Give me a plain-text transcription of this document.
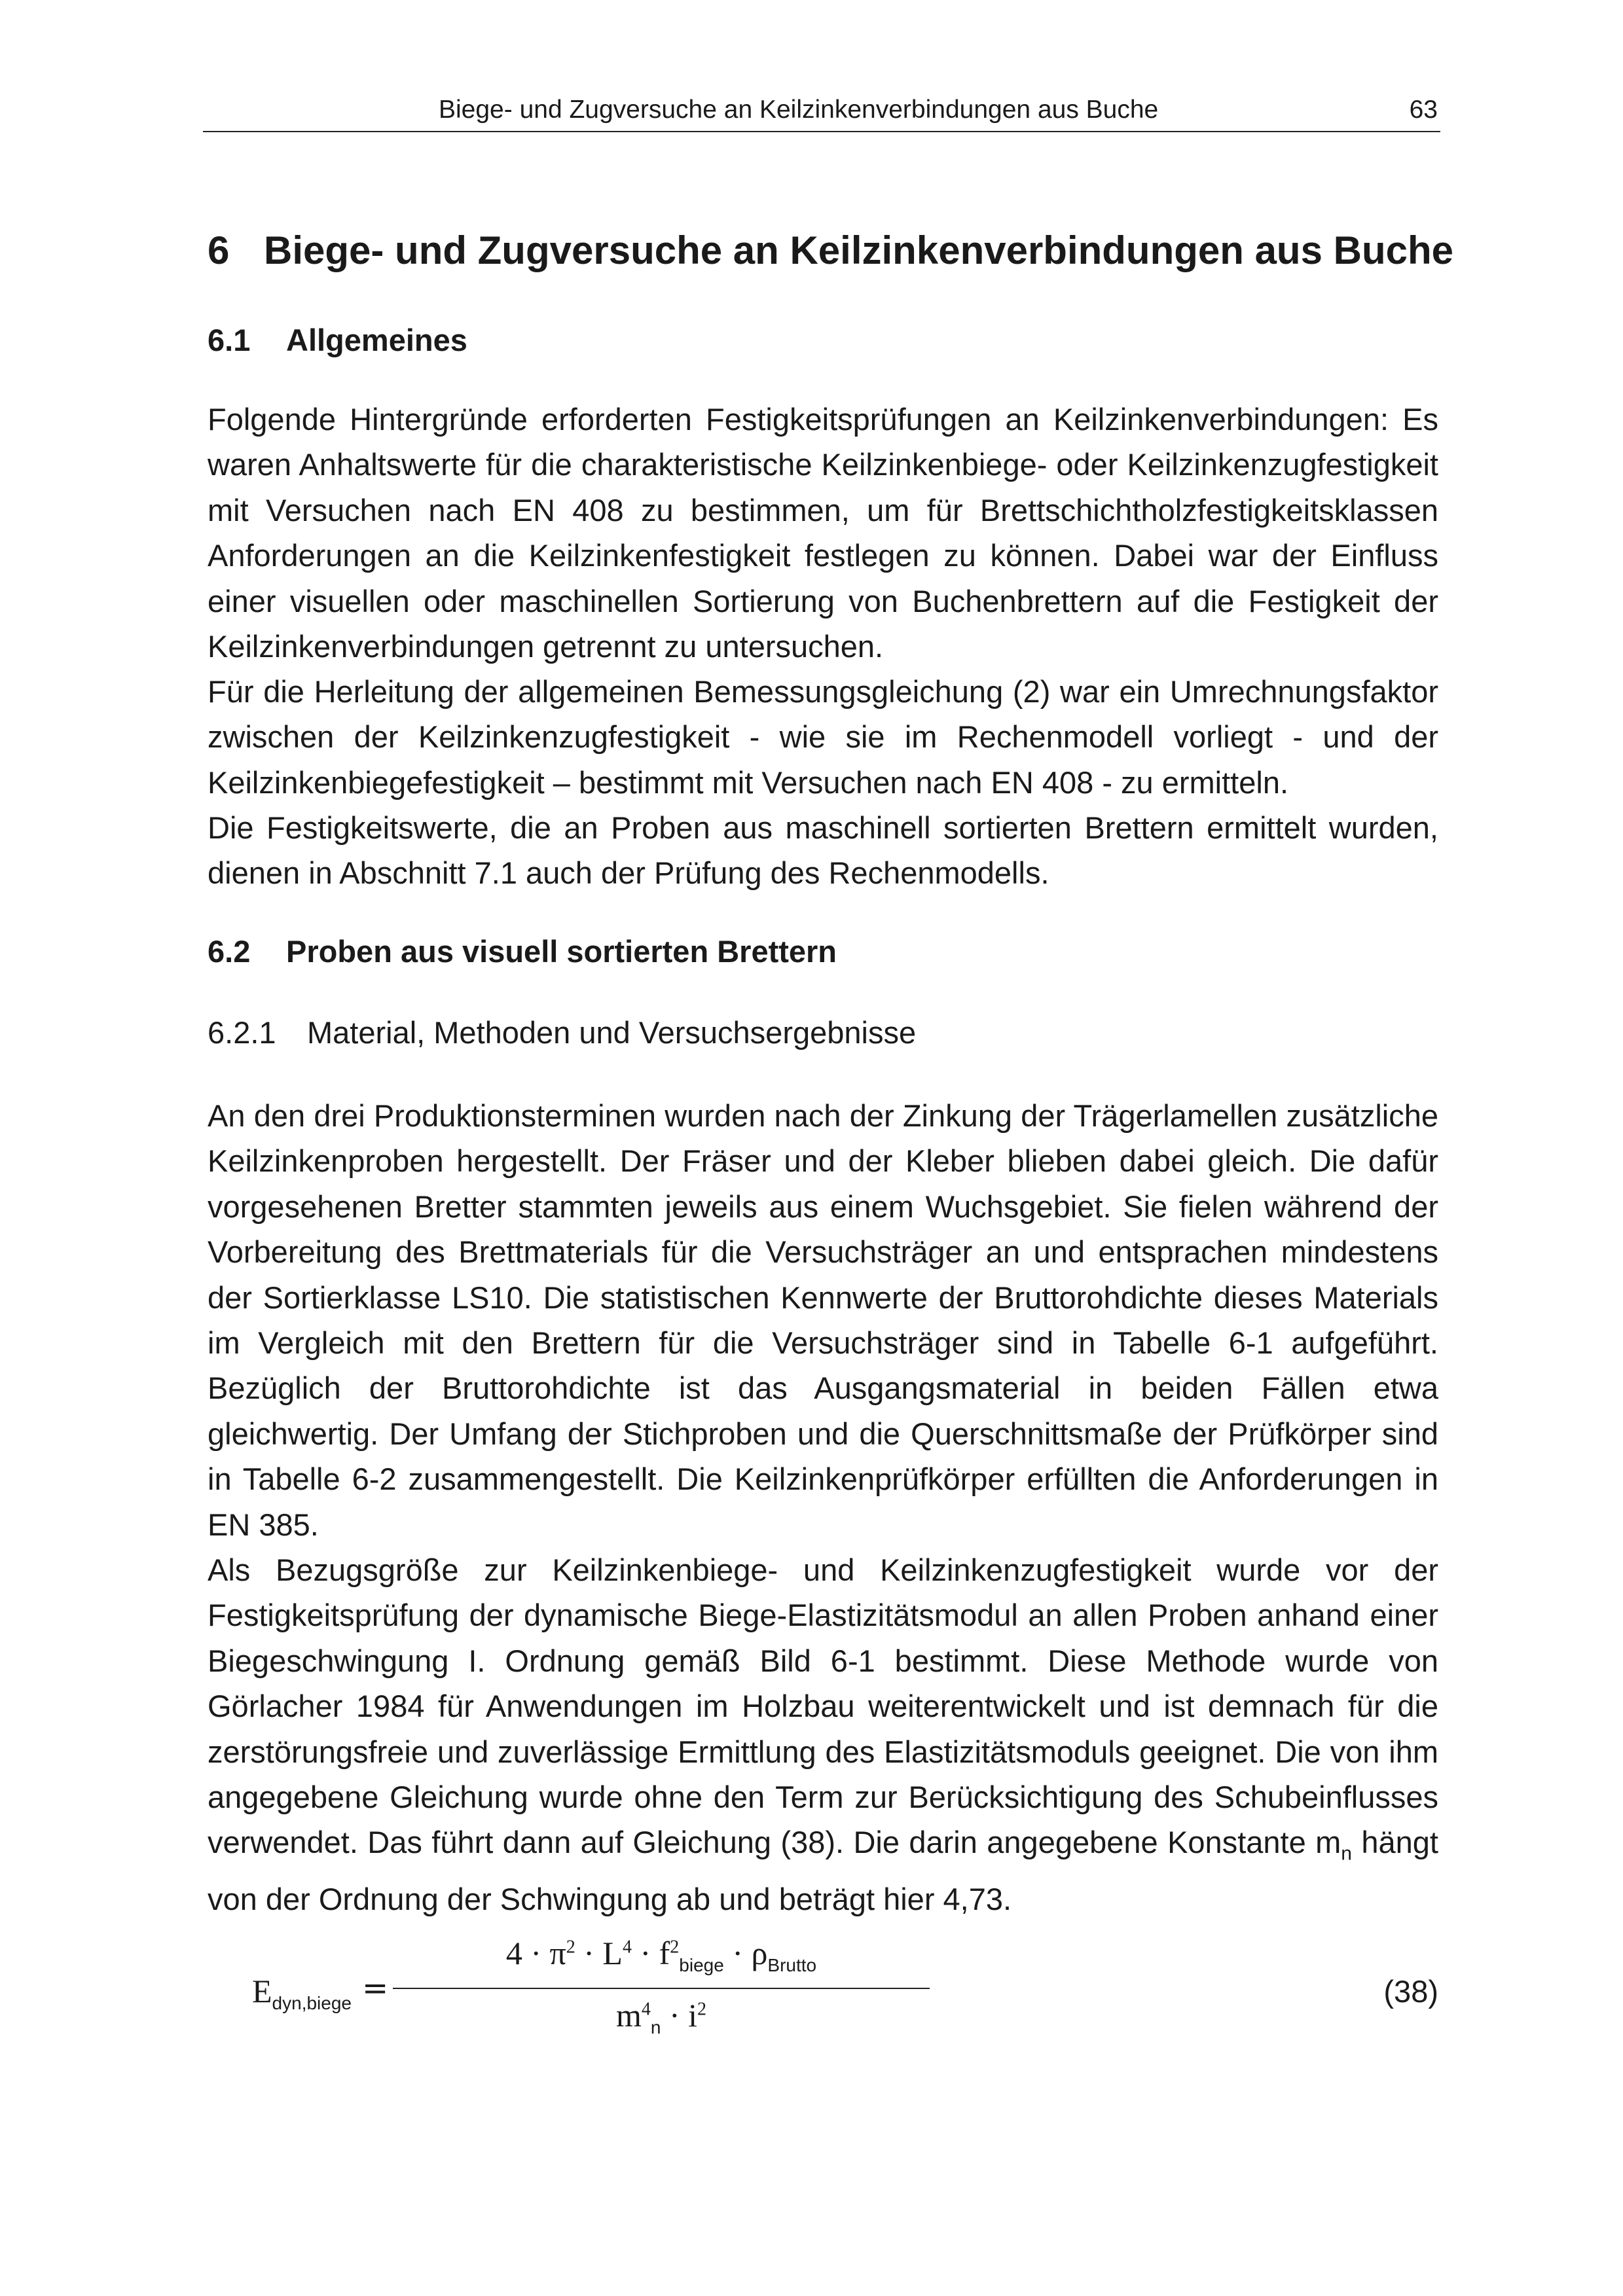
Biege- und Zugversuche an Keilzinkenverbindungen aus Buche	63
6 Biege- und Zugversuche an Keilzinkenverbindungen aus Buche
6.1 Allgemeines

Folgende Hintergründe erforderten Festigkeitsprüfungen an Keilzinkenverbindungen: Es waren Anhaltswerte für die charakteristische Keilzinkenbiege- oder Keilzinkenzugfestigkeit mit Versuchen nach EN 408 zu bestimmen, um für Brettschichtholzfestigkeitsklassen Anforderungen an die Keilzinkenfestigkeit festlegen zu können. Dabei war der Einfluss einer visuellen oder maschinellen Sortierung von Buchenbrettern auf die Festigkeit der Keilzinkenverbindungen getrennt zu untersuchen.

Für die Herleitung der allgemeinen Bemessungsgleichung (2) war ein Umrechnungsfaktor zwischen der Keilzinkenzugfestigkeit - wie sie im Rechenmodell vorliegt - und der Keilzinkenbiegefestigkeit – bestimmt mit Versuchen nach EN 408 - zu ermitteln.

Die Festigkeitswerte, die an Proben aus maschinell sortierten Brettern ermittelt wurden, dienen in Abschnitt 7.1 auch der Prüfung des Rechenmodells.

6.2 Proben aus visuell sortierten Brettern
6.2.1 Material, Methoden und Versuchsergebnisse

An den drei Produktionsterminen wurden nach der Zinkung der Trägerlamellen zusätzliche Keilzinkenproben hergestellt. Der Fräser und der Kleber blieben dabei gleich. Die dafür vorgesehenen Bretter stammten jeweils aus einem Wuchsgebiet. Sie fielen während der Vorbereitung des Brettmaterials für die Versuchsträger an und entsprachen mindestens der Sortierklasse LS10. Die statistischen Kennwerte der Bruttorohdichte dieses Materials im Vergleich mit den Brettern für die Versuchsträger sind in Tabelle 6-1 aufgeführt. Bezüglich der Bruttorohdichte ist das Ausgangsmaterial in beiden Fällen etwa gleichwertig. Der Umfang der Stichproben und die Querschnittsmaße der Prüfkörper sind in Tabelle 6-2 zusammengestellt. Die Keilzinkenprüfkörper erfüllten die Anforderungen in EN 385.

Als Bezugsgröße zur Keilzinkenbiege- und Keilzinkenzugfestigkeit wurde vor der Festigkeitsprüfung der dynamische Biege-Elastizitätsmodul an allen Proben anhand einer Biegeschwingung I. Ordnung gemäß Bild 6-1 bestimmt. Diese Methode wurde von Görlacher 1984 für Anwendungen im Holzbau weiterentwickelt und ist demnach für die zerstörungsfreie und zuverlässige Ermittlung des Elastizitätsmoduls geeignet. Die von ihm angegebene Gleichung wurde ohne den Term zur Berücksichtigung des Schubeinflusses verwendet. Das führt dann auf Gleichung (38). Die darin angegebene Konstante $m_n$ hängt von der Ordnung der Schwingung ab und beträgt hier 4,73.

$E_{dyn,biege}$ =
$4 \cdot \pi^2 \cdot L^4 \cdot f^2_{biege} \cdot \rho_{Brutto}$
$m^4_n \cdot i^2$
(38)
